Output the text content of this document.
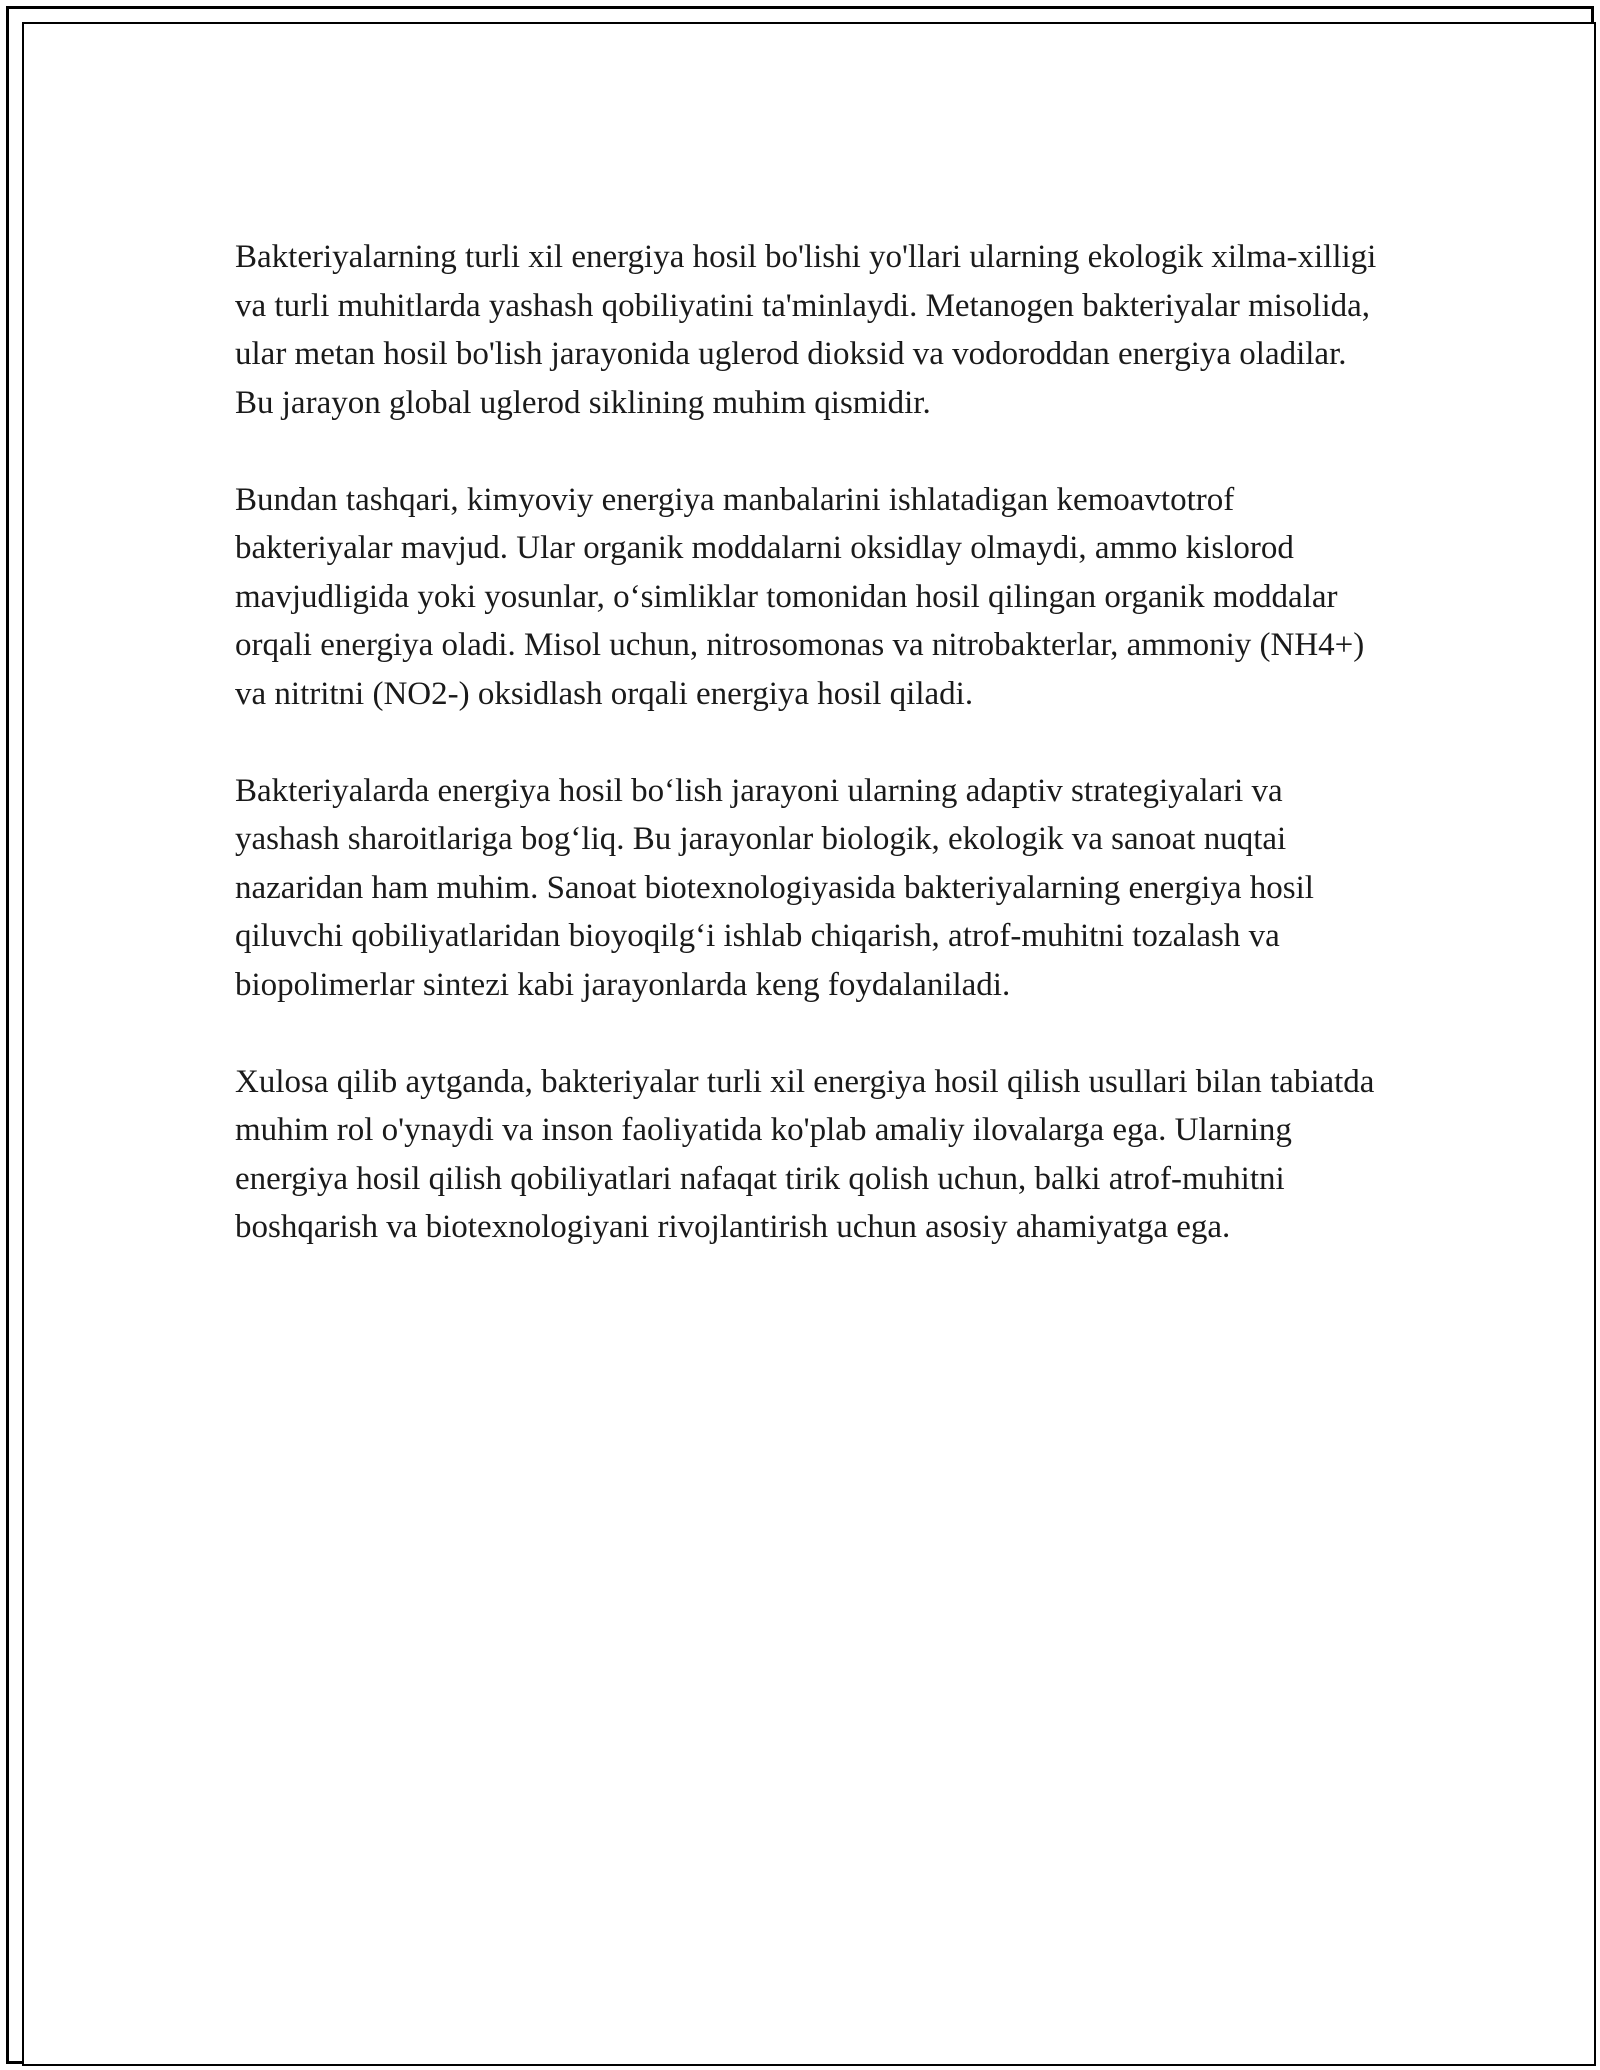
Bakteriyalarning turli xil energiya hosil bo'lishi yo'llari ularning ekologik xilma-xilligi va turli muhitlarda yashash qobiliyatini ta'minlaydi. Metanogen bakteriyalar misolida, ular metan hosil bo'lish jarayonida uglerod dioksid va vodoroddan energiya oladilar. Bu jarayon global uglerod siklining muhim qismidir.

Bundan tashqari, kimyoviy energiya manbalarini ishlatadigan kemoavtotrof bakteriyalar mavjud. Ular organik moddalarni oksidlay olmaydi, ammo kislorod mavjudligida yoki yosunlar, o‘simliklar tomonidan hosil qilingan organik moddalar orqali energiya oladi. Misol uchun, nitrosomonas va nitrobakterlar, ammoniy (NH4+) va nitritni (NO2-) oksidlash orqali energiya hosil qiladi.

Bakteriyalarda energiya hosil bo‘lish jarayoni ularning adaptiv strategiyalari va yashash sharoitlariga bog‘liq. Bu jarayonlar biologik, ekologik va sanoat nuqtai nazaridan ham muhim. Sanoat biotexnologiyasida bakteriyalarning energiya hosil qiluvchi qobiliyatlaridan bioyoqilg‘i ishlab chiqarish, atrof-muhitni tozalash va biopolimerlar sintezi kabi jarayonlarda keng foydalaniladi.

Xulosa qilib aytganda, bakteriyalar turli xil energiya hosil qilish usullari bilan tabiatda muhim rol o'ynaydi va inson faoliyatida ko'plab amaliy ilovalarga ega. Ularning energiya hosil qilish qobiliyatlari nafaqat tirik qolish uchun, balki atrof-muhitni boshqarish va biotexnologiyani rivojlantirish uchun asosiy ahamiyatga ega.
